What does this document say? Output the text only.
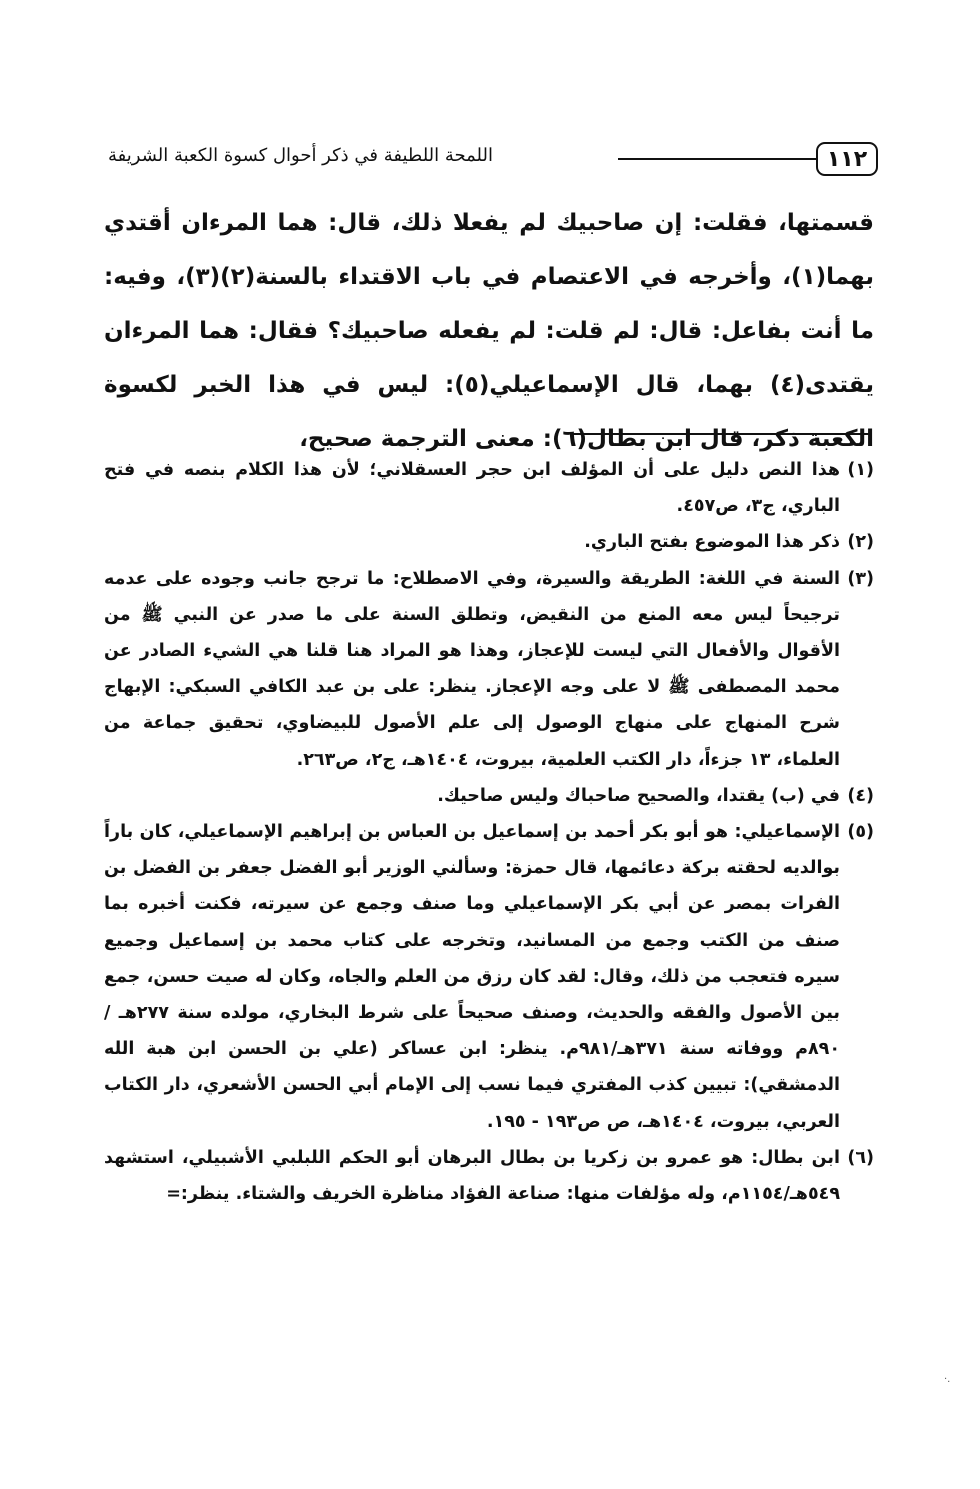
١١٢
اللمحة اللطيفة في ذكر أحوال كسوة الكعبة الشريفة

قسمتها، فقلت: إن صاحبيك لم يفعلا ذلك، قال: هما المرءان أقتدي بهما(١)، وأخرجه في الاعتصام في باب الاقتداء بالسنة(٢)(٣)، وفيه: ما أنت بفاعل: قال: لم قلت: لم يفعله صاحبيك؟ فقال: هما المرءان يقتدى(٤) بهما، قال الإسماعيلي(٥): ليس في هذا الخبر لكسوة الكعبة ذكر، قال ابن بطال(٦): معنى الترجمة صحيح،

(١)
هذا النص دليل على أن المؤلف ابن حجر العسقلاني؛ لأن هذا الكلام بنصه في فتح الباري، ج٣، ص٤٥٧.
(٢)
ذكر هذا الموضوع بفتح الباري.
(٣)
السنة في اللغة: الطريقة والسيرة، وفي الاصطلاح: ما ترجح جانب وجوده على عدمه ترجيحاً ليس معه المنع من النقيض، وتطلق السنة على ما صدر عن النبي ﷺ من الأقوال والأفعال التي ليست للإعجاز، وهذا هو المراد هنا قلنا هي الشيء الصادر عن محمد المصطفى ﷺ لا على وجه الإعجاز. ينظر: على بن عبد الكافي السبكي: الإبهاج شرح المنهاج على منهاج الوصول إلى علم الأصول للبيضاوي، تحقيق جماعة من العلماء، ١٣ جزءاً، دار الكتب العلمية، بيروت، ١٤٠٤هـ، ج٢، ص٢٦٣.
(٤)
في (ب) يقتدا، والصحيح صاحباك وليس صاحيك.
(٥)
الإسماعيلي: هو أبو بكر أحمد بن إسماعيل بن العباس بن إبراهيم الإسماعيلي، كان باراً بوالديه لحقته بركة دعائمها، قال حمزة: وسألني الوزير أبو الفضل جعفر بن الفضل بن الفرات بمصر عن أبي بكر الإسماعيلي وما صنف وجمع عن سيرته، فكنت أخبره بما صنف من الكتب وجمع من المسانيد، وتخرجه على كتاب محمد بن إسماعيل وجميع سيره فتعجب من ذلك، وقال: لقد كان رزق من العلم والجاه، وكان له صيت حسن، جمع بين الأصول والفقه والحديث، وصنف صحيحاً على شرط البخاري، مولده سنة ٢٧٧هـ / ٨٩٠م ووفاته سنة ٣٧١هـ/٩٨١م. ينظر: ابن عساكر (علي بن الحسن ابن هبة الله الدمشقي): تبيين كذب المفتري فيما نسب إلى الإمام أبي الحسن الأشعري، دار الكتاب العربي، بيروت، ١٤٠٤هـ، ص ص١٩٣ - ١٩٥.
(٦)
ابن بطال: هو عمرو بن زكريا بن بطال البرهان أبو الحكم اللبلبي الأشبيلي، استشهد ٥٤٩هـ/١١٥٤م، وله مؤلفات منها: صناعة الفؤاد مناظرة الخريف والشتاء. ينظر:=
·.
